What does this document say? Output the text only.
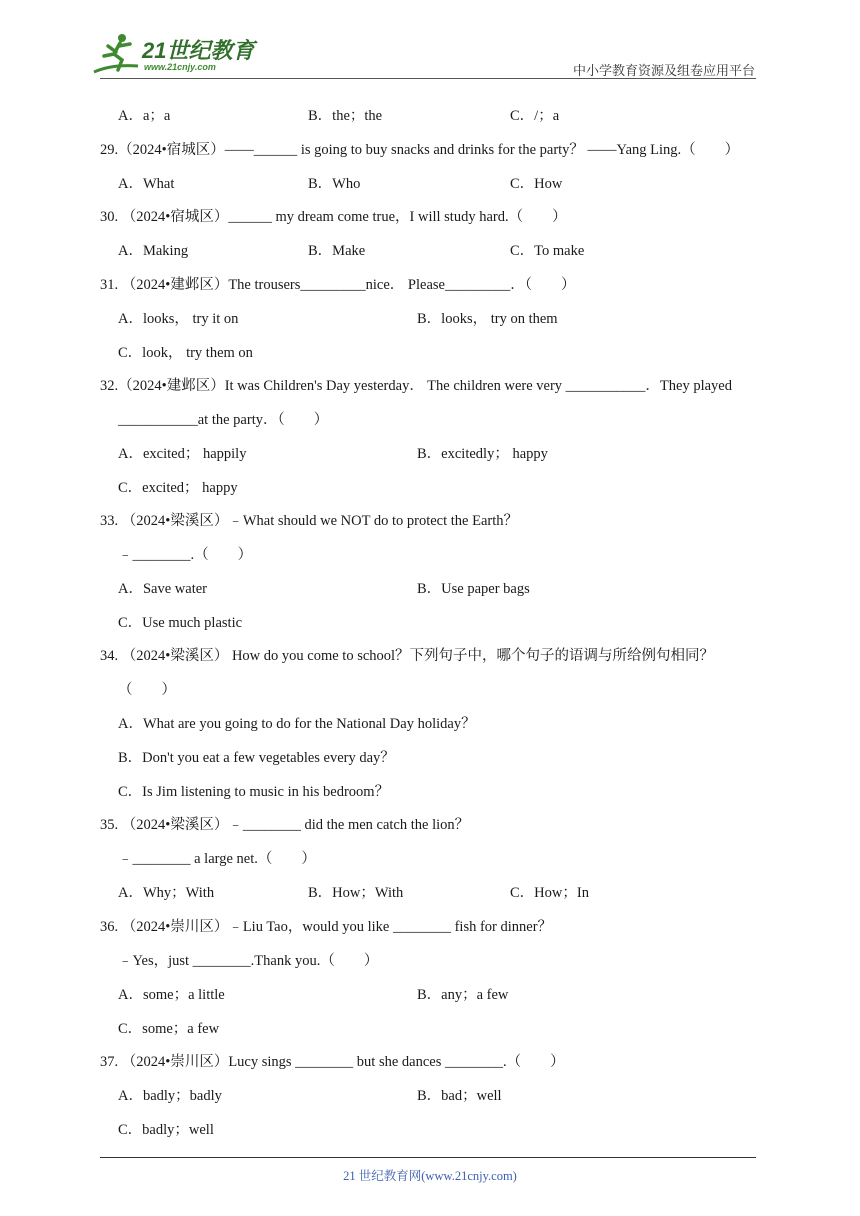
21世纪教育
www.21cnjy.com	中小学教育资源及组卷应用平台
A．a；a	B．the；the	C．/；a
29.（2024•宿城区）——______ is going to buy snacks and drinks for the party？ ——Yang Ling.（　　）
A．What	B．Who	C．How
30. （2024•宿城区）______ my dream come true，I will study hard.（　　）
A．Making	B．Make	C．To make
31. （2024•建邺区）The trousers_________nice． Please_________．（　　）
A．looks， try it on	B．looks， try on them
C．look， try them on
32.（2024•建邺区）It was Children's Day yesterday． The children were very ___________．They played
___________at the party．（　　）
A．excited； happily	B．excitedly； happy
C．excited； happy
33. （2024•梁溪区）﹣What should we NOT do to protect the Earth？
﹣________.（　　）
A．Save water	B．Use paper bags
C．Use much plastic
34. （2024•梁溪区） How do you come to school？下列句子中，哪个句子的语调与所给例句相同？
（　　）
A．What are you going to do for the National Day holiday？
B．Don't you eat a few vegetables every day？
C．Is Jim listening to music in his bedroom？
35. （2024•梁溪区）﹣________ did the men catch the lion？
﹣________ a large net.（　　）
A．Why；With	B．How；With	C．How；In
36. （2024•崇川区）﹣Liu Tao，would you like ________ fish for dinner？
﹣Yes，just ________.Thank you.（　　）
A．some；a little	B．any；a few
C．some；a few
37. （2024•崇川区）Lucy sings ________ but she dances ________.（　　）
A．badly；badly	B．bad；well
C．badly；well
21 世纪教育网(www.21cnjy.com)
